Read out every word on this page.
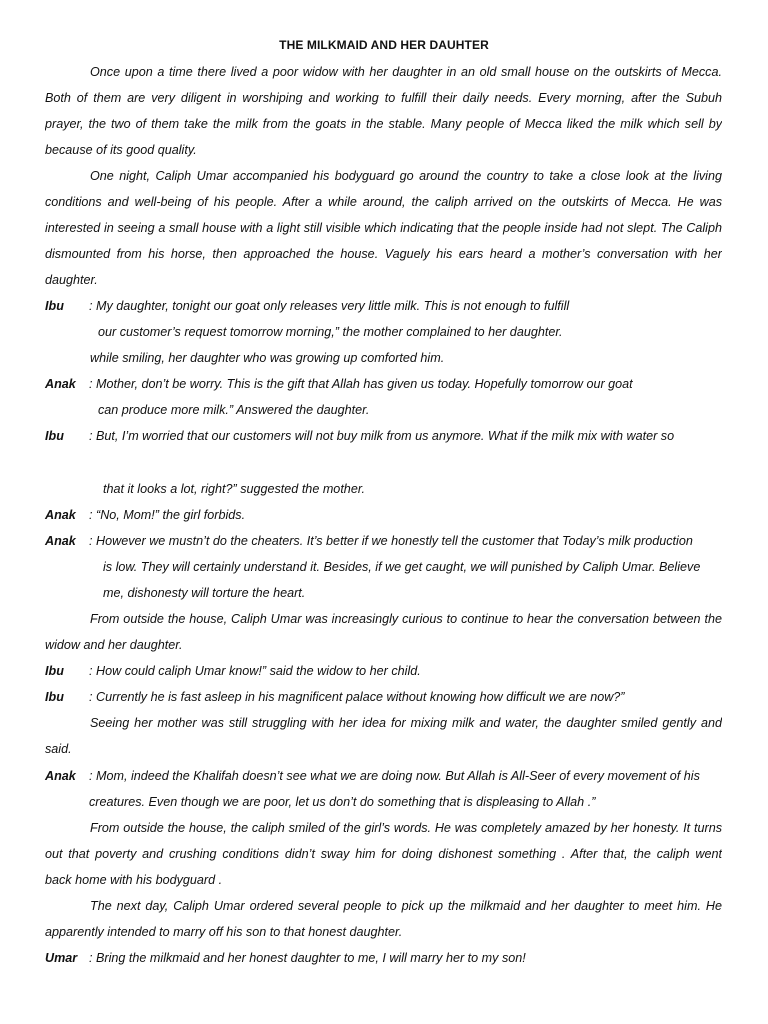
THE MILKMAID AND HER DAUHTER
Once upon a time there lived a poor widow with her daughter in an old small house on the outskirts of Mecca.
Both of them are very diligent in worshiping and working to fulfill their daily needs. Every morning, after the Subuh
prayer, the two of them take the milk from the goats in the stable. Many people of Mecca liked the milk which sell by
because of its good quality.
One night, Caliph Umar accompanied his bodyguard go around the country to take a close look at the living
conditions and well-being of his people. After a while around, the caliph arrived on the outskirts of Mecca. He was
interested in seeing a small house with a light still visible which indicating that the people inside had not slept. The Caliph
dismounted from his horse, then approached the house. Vaguely his ears heard a mother’s conversation with her
daughter.
Ibu : My daughter, tonight our goat only releases very little milk. This is not enough to fulfill
our customer’s request tomorrow morning,” the mother complained to her daughter.
while smiling, her daughter who was growing up comforted him.
Anak : Mother, don’t be worry. This is the gift that Allah has given us today. Hopefully tomorrow our goat
can produce more milk.” Answered the daughter.
Ibu : But, I’m worried that our customers will not buy milk from us anymore. What if the milk mix with water so
that it looks a lot, right?” suggested the mother.
Anak : “No, Mom!” the girl forbids.
Anak : However we mustn’t do the cheaters. It’s better if we honestly tell the customer that Today’s milk production
is low. They will certainly understand it. Besides, if we get caught, we will punished by Caliph Umar. Believe
me, dishonesty will torture the heart.
From outside the house, Caliph Umar was increasingly curious to continue to hear the conversation between the
widow and her daughter.
Ibu : How could caliph Umar know!” said the widow to her child.
Ibu : Currently he is fast asleep in his magnificent palace without knowing how difficult we are now?”
Seeing her mother was still struggling with her idea for mixing milk and water, the daughter smiled gently and
said.
Anak : Mom, indeed the Khalifah doesn’t see what we are doing now. But Allah is All-Seer of every movement of his
creatures. Even though we are poor, let us don’t do something that is displeasing to Allah .”
From outside the house, the caliph smiled of the girl’s words. He was completely amazed by her honesty. It turns
out that poverty and crushing conditions didn’t sway him for doing dishonest something . After that, the caliph went
back home with his bodyguard .
The next day, Caliph Umar ordered several people to pick up the milkmaid and her daughter to meet him. He
apparently intended to marry off his son to that honest daughter.
Umar : Bring the milkmaid and her honest daughter to me, I will marry her to my son!
